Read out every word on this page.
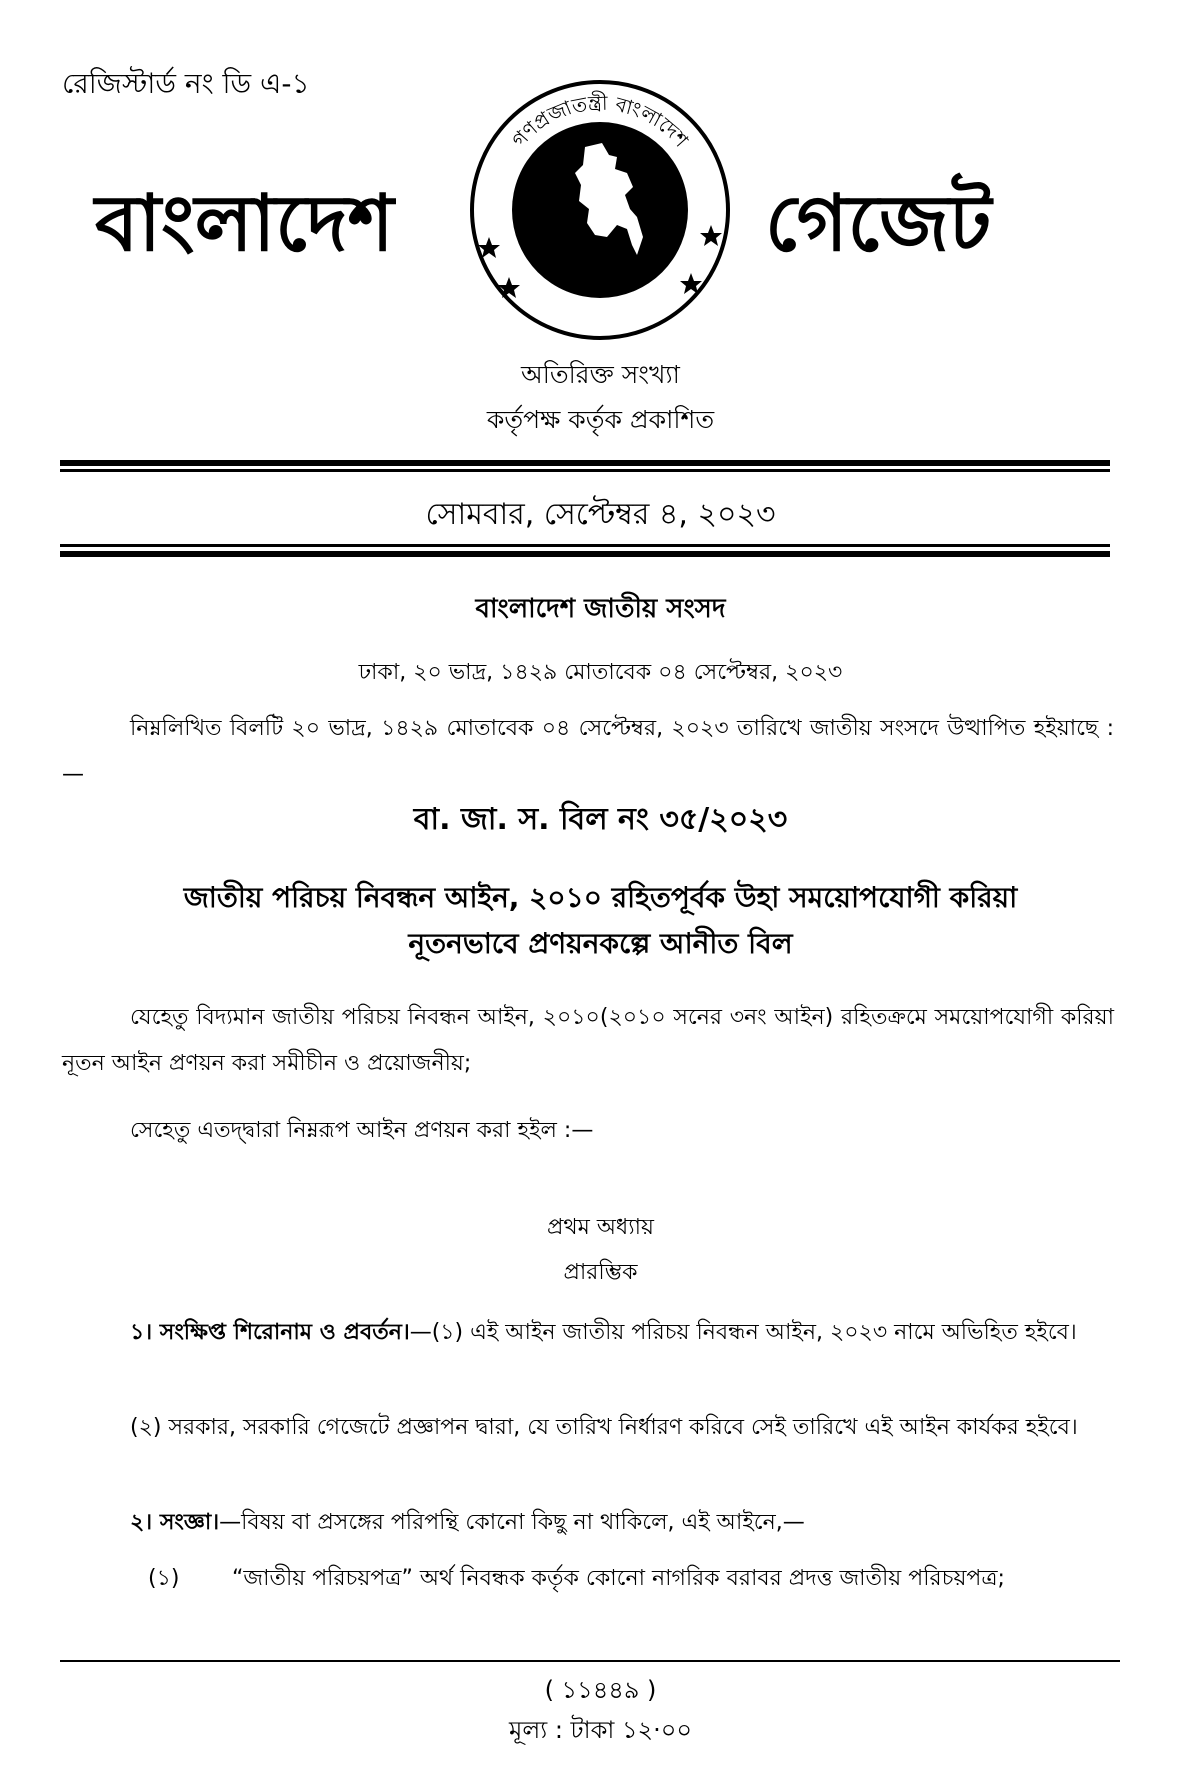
রেজিস্টার্ড নং ডি এ-১
বাংলাদেশ
গণপ্রজাতন্ত্রী বাংলাদেশ
সরকার
গেজেট
অতিরিক্ত সংখ্যা
কর্তৃপক্ষ কর্তৃক প্রকাশিত
সোমবার, সেপ্টেম্বর ৪, ২০২৩
বাংলাদেশ জাতীয় সংসদ
ঢাকা, ২০ ভাদ্র, ১৪২৯ মোতাবেক ০৪ সেপ্টেম্বর, ২০২৩
নিম্নলিখিত বিলটি ২০ ভাদ্র, ১৪২৯ মোতাবেক ০৪ সেপ্টেম্বর, ২০২৩ তারিখে জাতীয় সংসদে উত্থাপিত হইয়াছে :—
বা. জা. স. বিল নং ৩৫/২০২৩
জাতীয় পরিচয় নিবন্ধন আইন, ২০১০ রহিতপূর্বক উহা সময়োপযোগী করিয়া
নূতনভাবে প্রণয়নকল্পে আনীত বিল
যেহেতু বিদ্যমান জাতীয় পরিচয় নিবন্ধন আইন, ২০১০(২০১০ সনের ৩নং আইন) রহিতক্রমে সময়োপযোগী করিয়া নূতন আইন প্রণয়ন করা সমীচীন ও প্রয়োজনীয়;
সেহেতু এতদ্দ্বারা নিম্নরূপ আইন প্রণয়ন করা হইল :—
প্রথম অধ্যায়
প্রারম্ভিক
১। সংক্ষিপ্ত শিরোনাম ও প্রবর্তন।—(১) এই আইন জাতীয় পরিচয় নিবন্ধন আইন, ২০২৩ নামে অভিহিত হইবে।
(২) সরকার, সরকারি গেজেটে প্রজ্ঞাপন দ্বারা, যে তারিখ নির্ধারণ করিবে সেই তারিখে এই আইন কার্যকর হইবে।
২। সংজ্ঞা।—বিষয় বা প্রসঙ্গের পরিপন্থি কোনো কিছু না থাকিলে, এই আইনে,—
(১) “জাতীয় পরিচয়পত্র” অর্থ নিবন্ধক কর্তৃক কোনো নাগরিক বরাবর প্রদত্ত জাতীয় পরিচয়পত্র;
( ১১৪৪৯ )
মূল্য : টাকা ১২·০০
